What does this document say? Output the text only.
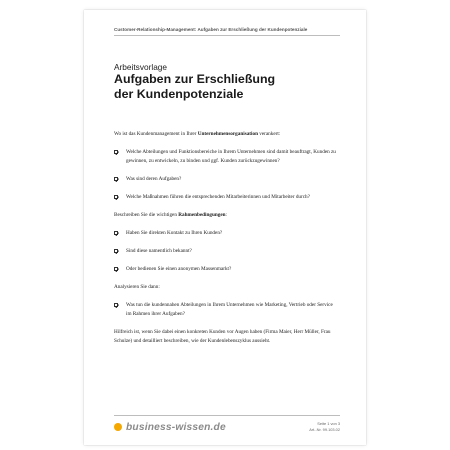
Customer-Relationship-Management: Aufgaben zur Erschließung der Kundenpotenziale
Arbeitsvorlage
Aufgaben zur Erschließung
der Kundenpotenziale
Wo ist das Kundenmanagement in Ihrer Unternehmensorganisation verankert:
Welche Abteilungen und Funktionsbereiche in Ihrem Unternehmen sind damit beauftragt, Kunden zu gewinnen, zu entwickeln, zu binden und ggf. Kunden zurückzugewinnen?
Was sind deren Aufgaben?
Welche Maßnahmen führen die entsprechenden Mitarbeiterinnen und Mitarbeiter durch?
Beschreiben Sie die wichtigen Rahmenbedingungen:
Haben Sie direkten Kontakt zu Ihren Kunden?
Sind diese namentlich bekannt?
Oder bedienen Sie einen anonymen Massenmarkt?
Analysieren Sie dann:
Was tun die kundennahen Abteilungen in Ihrem Unternehmen wie Marketing, Vertrieb oder Service im Rahmen ihrer Aufgaben?
Hilfreich ist, wenn Sie dabei einen konkreten Kunden vor Augen haben (Firma Maier, Herr Müller, Frau Schulze) und detailliert beschreiben, wie der Kundenlebenszyklus aussieht.
business-wissen.de	Seite 1 von 3
Art.-Nr. 99.103.02
